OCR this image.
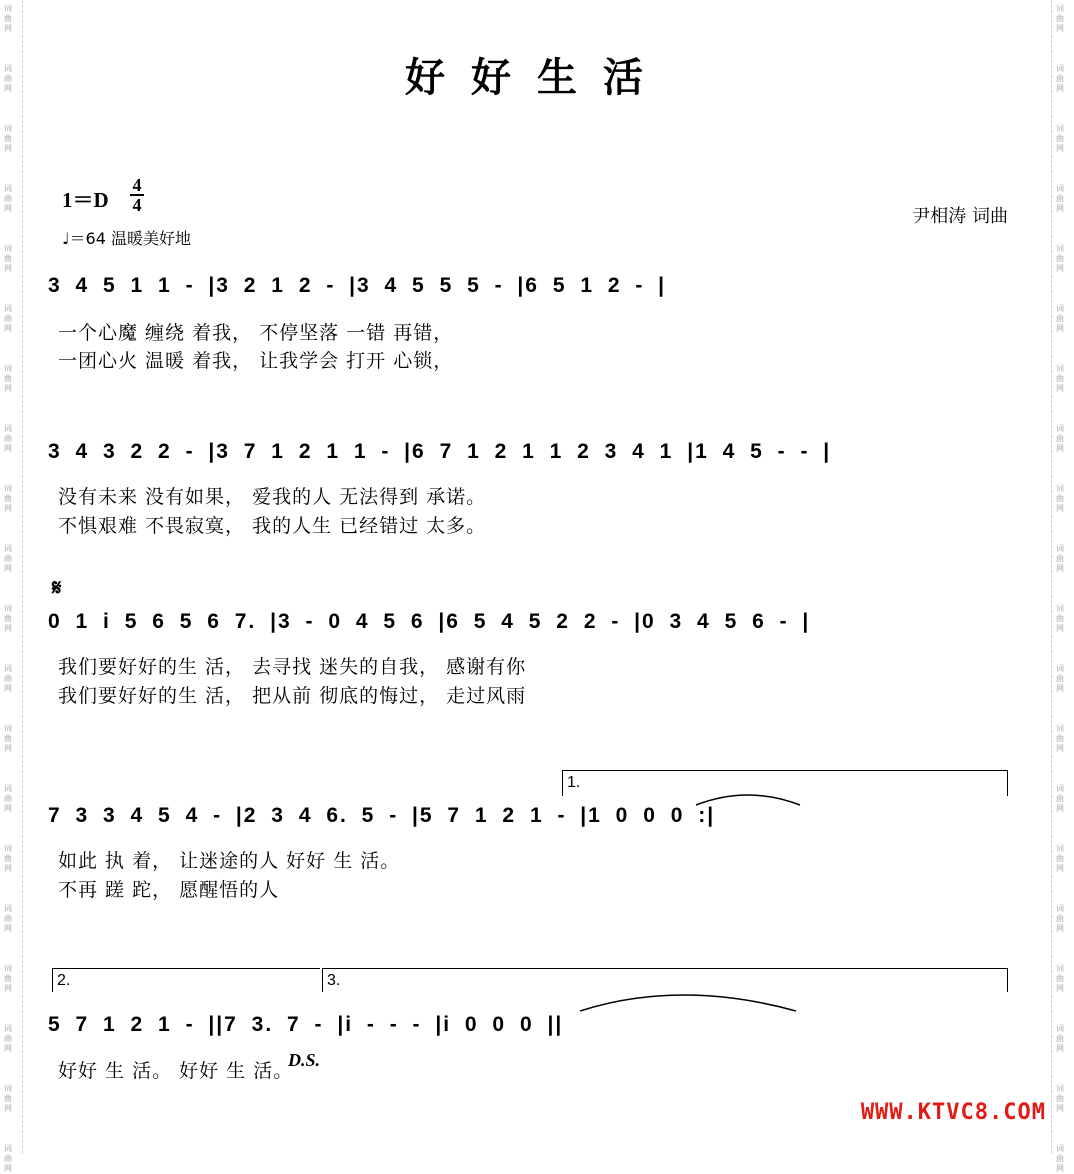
词曲网
词曲网
词曲网
词曲网
词曲网
词曲网
词曲网
词曲网
词曲网
词曲网
词曲网
词曲网
词曲网
词曲网
词曲网
词曲网
词曲网
词曲网
词曲网
词曲网
词曲网
词曲网
词曲网
词曲网
词曲网
词曲网
词曲网
词曲网
词曲网
词曲网
词曲网
词曲网
词曲网
词曲网
词曲网
词曲网
词曲网
词曲网
词曲网
词曲网
好好生活
1＝D
4
4
♩＝64 温暖美好地
尹相涛 词曲
3 4 5 1 1 - |3 2 1 2 - |3 4 5 5 5 - |6 5 1 2 - |
一个心魔 缠绕 着我， 不停坚落 一错 再错，
一团心火 温暖 着我， 让我学会 打开 心锁，
3 4 3 2 2 - |3 7 1 2 1 1 - |6 7 1 2 1 1 2 3 4 1 |1 4 5 - - |
没有未来 没有如果， 爱我的人 无法得到 承诺。
不惧艰难 不畏寂寞， 我的人生 已经错过 太多。
𝄋
0 1 i 5 6 5 6 7. |3 - 0 4 5 6 |6 5 4 5 2 2 - |0 3 4 5 6 - |
我们要好好的生 活， 去寻找 迷失的自我， 感谢有你
我们要好好的生 活， 把从前 彻底的悔过， 走过风雨
1.
7 3 3 4 5 4 - |2 3 4 6. 5 - |5 7 1 2 1 - |1 0 0 0 :|
如此 执 着， 让迷途的人 好好 生 活。
不再 蹉 跎， 愿醒悟的人
2.	3.
5 7 1 2 1 - ||7 3. 7 - |i - - - |i 0 0 0 ||
好好 生 活。 好好 生 活。
D.S.
WWW.KTVC8.COM
